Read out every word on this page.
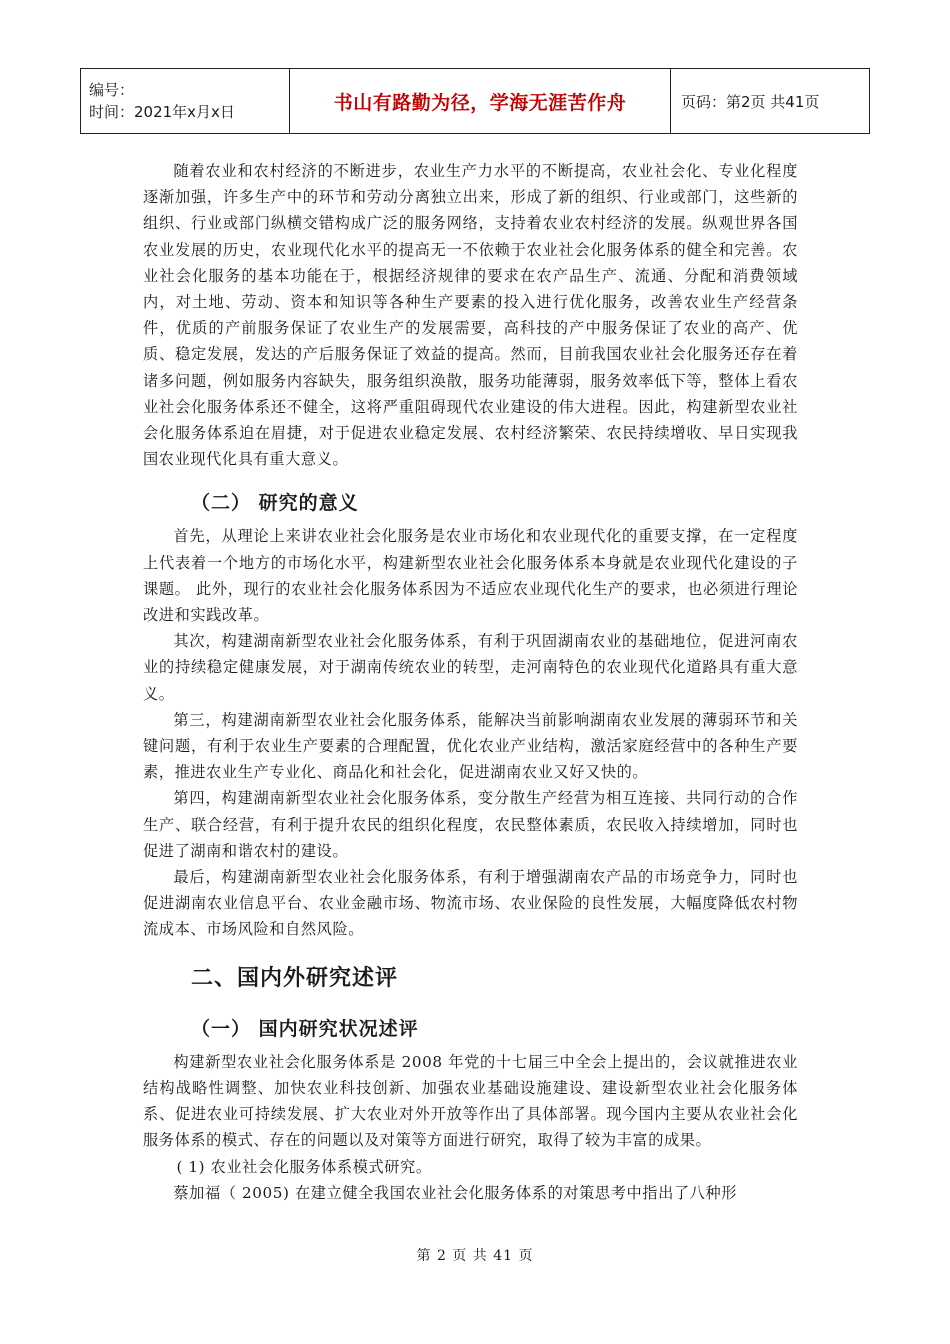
编号：
时间：2021年x月x日	书山有路勤为径，学海无涯苦作舟	页码：第2页 共41页

随着农业和农村经济的不断进步，农业生产力水平的不断提高，农业社会化、专业化程度逐渐加强，许多生产中的环节和劳动分离独立出来，形成了新的组织、行业或部门，这些新的组织、行业或部门纵横交错构成广泛的服务网络，支持着农业农村经济的发展。纵观世界各国农业发展的历史，农业现代化水平的提高无一不依赖于农业社会化服务体系的健全和完善。农业社会化服务的基本功能在于，根据经济规律的要求在农产品生产、流通、分配和消费领域内，对土地、劳动、资本和知识等各种生产要素的投入进行优化服务，改善农业生产经营条件，优质的产前服务保证了农业生产的发展需要，高科技的产中服务保证了农业的高产、优质、稳定发展，发达的产后服务保证了效益的提高。然而，目前我国农业社会化服务还存在着诸多问题，例如服务内容缺失，服务组织涣散，服务功能薄弱，服务效率低下等，整体上看农业社会化服务体系还不健全，这将严重阻碍现代农业建设的伟大进程。因此，构建新型农业社会化服务体系迫在眉捷，对于促进农业稳定发展、农村经济繁荣、农民持续增收、早日实现我国农业现代化具有重大意义。

（二） 研究的意义

首先，从理论上来讲农业社会化服务是农业市场化和农业现代化的重要支撑，在一定程度上代表着一个地方的市场化水平，构建新型农业社会化服务体系本身就是农业现代化建设的子课题。 此外，现行的农业社会化服务体系因为不适应农业现代化生产的要求，也必须进行理论改进和实践改革。

其次，构建湖南新型农业社会化服务体系，有利于巩固湖南农业的基础地位，促进河南农业的持续稳定健康发展，对于湖南传统农业的转型，走河南特色的农业现代化道路具有重大意义。

第三，构建湖南新型农业社会化服务体系，能解决当前影响湖南农业发展的薄弱环节和关键问题，有利于农业生产要素的合理配置，优化农业产业结构，激活家庭经营中的各种生产要素，推进农业生产专业化、商品化和社会化，促进湖南农业又好又快的。

第四，构建湖南新型农业社会化服务体系，变分散生产经营为相互连接、共同行动的合作生产、联合经营，有利于提升农民的组织化程度，农民整体素质，农民收入持续增加，同时也促进了湖南和谐农村的建设。

最后，构建湖南新型农业社会化服务体系，有利于增强湖南农产品的市场竞争力，同时也促进湖南农业信息平台、农业金融市场、物流市场、农业保险的良性发展，大幅度降低农村物流成本、市场风险和自然风险。

二、国内外研究述评
（一） 国内研究状况述评

构建新型农业社会化服务体系是 2008 年党的十七届三中全会上提出的，会议就推进农业结构战略性调整、加快农业科技创新、加强农业基础设施建设、建设新型农业社会化服务体系、促进农业可持续发展、扩大农业对外开放等作出了具体部署。现今国内主要从农业社会化服务体系的模式、存在的问题以及对策等方面进行研究，取得了较为丰富的成果。

( 1) 农业社会化服务体系模式研究。

蔡加福（ 2005) 在建立健全我国农业社会化服务体系的对策思考中指出了八种形

第 2 页 共 41 页
